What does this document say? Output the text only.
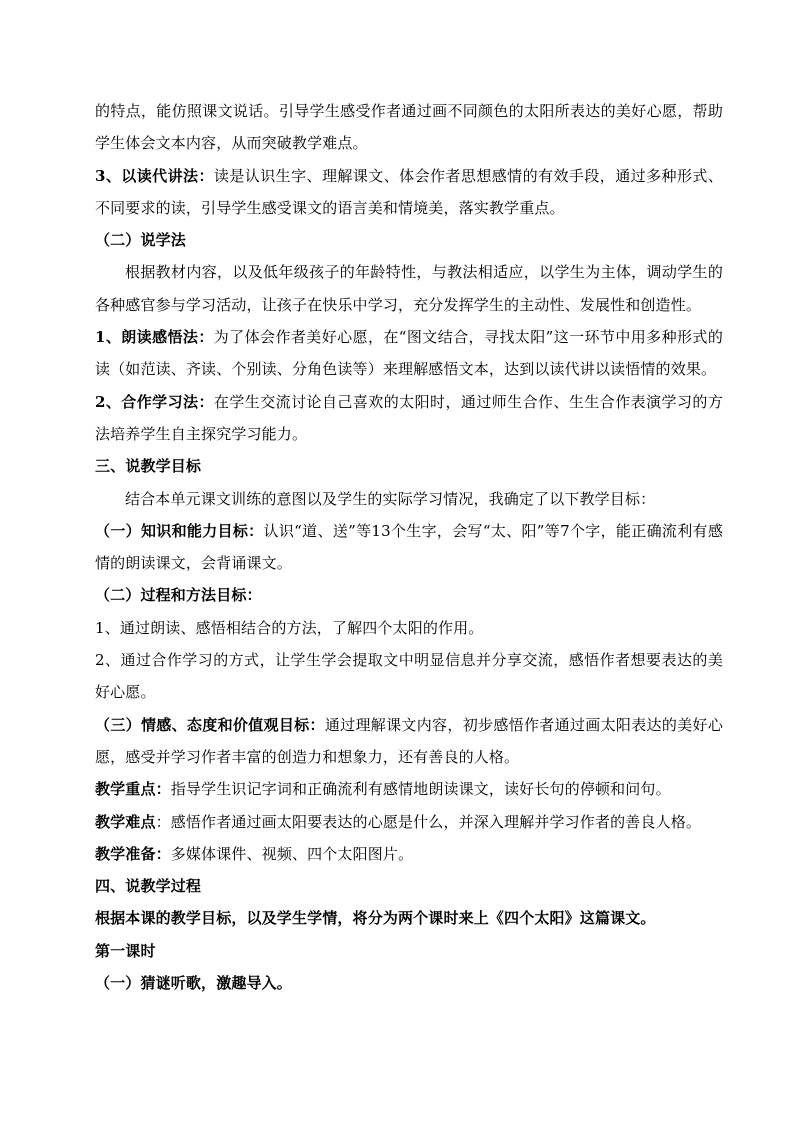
的特点，能仿照课文说话。引导学生感受作者通过画不同颜色的太阳所表达的美好心愿，帮助学生体会文本内容，从而突破教学难点。

3、以读代讲法：读是认识生字、理解课文、体会作者思想感情的有效手段，通过多种形式、不同要求的读，引导学生感受课文的语言美和情境美，落实教学重点。

（二）说学法

根据教材内容，以及低年级孩子的年龄特性，与教法相适应，以学生为主体，调动学生的各种感官参与学习活动，让孩子在快乐中学习，充分发挥学生的主动性、发展性和创造性。

1、朗读感悟法：为了体会作者美好心愿，在“图文结合，寻找太阳”这一环节中用多种形式的读（如范读、齐读、个别读、分角色读等）来理解感悟文本，达到以读代讲以读悟情的效果。

2、合作学习法：在学生交流讨论自己喜欢的太阳时，通过师生合作、生生合作表演学习的方法培养学生自主探究学习能力。

三、说教学目标

结合本单元课文训练的意图以及学生的实际学习情况，我确定了以下教学目标：

（一）知识和能力目标：认识“道、送”等13个生字，会写“太、阳”等7个字，能正确流利有感情的朗读课文，会背诵课文。

（二）过程和方法目标：

1、通过朗读、感悟相结合的方法，了解四个太阳的作用。

2、通过合作学习的方式，让学生学会提取文中明显信息并分享交流，感悟作者想要表达的美好心愿。

（三）情感、态度和价值观目标：通过理解课文内容，初步感悟作者通过画太阳表达的美好心愿，感受并学习作者丰富的创造力和想象力，还有善良的人格。

教学重点：指导学生识记字词和正确流利有感情地朗读课文，读好长句的停顿和问句。

教学难点：感悟作者通过画太阳要表达的心愿是什么，并深入理解并学习作者的善良人格。

教学准备：多媒体课件、视频、四个太阳图片。

四、说教学过程

根据本课的教学目标，以及学生学情，将分为两个课时来上《四个太阳》这篇课文。

第一课时

（一）猜谜听歌，激趣导入。
